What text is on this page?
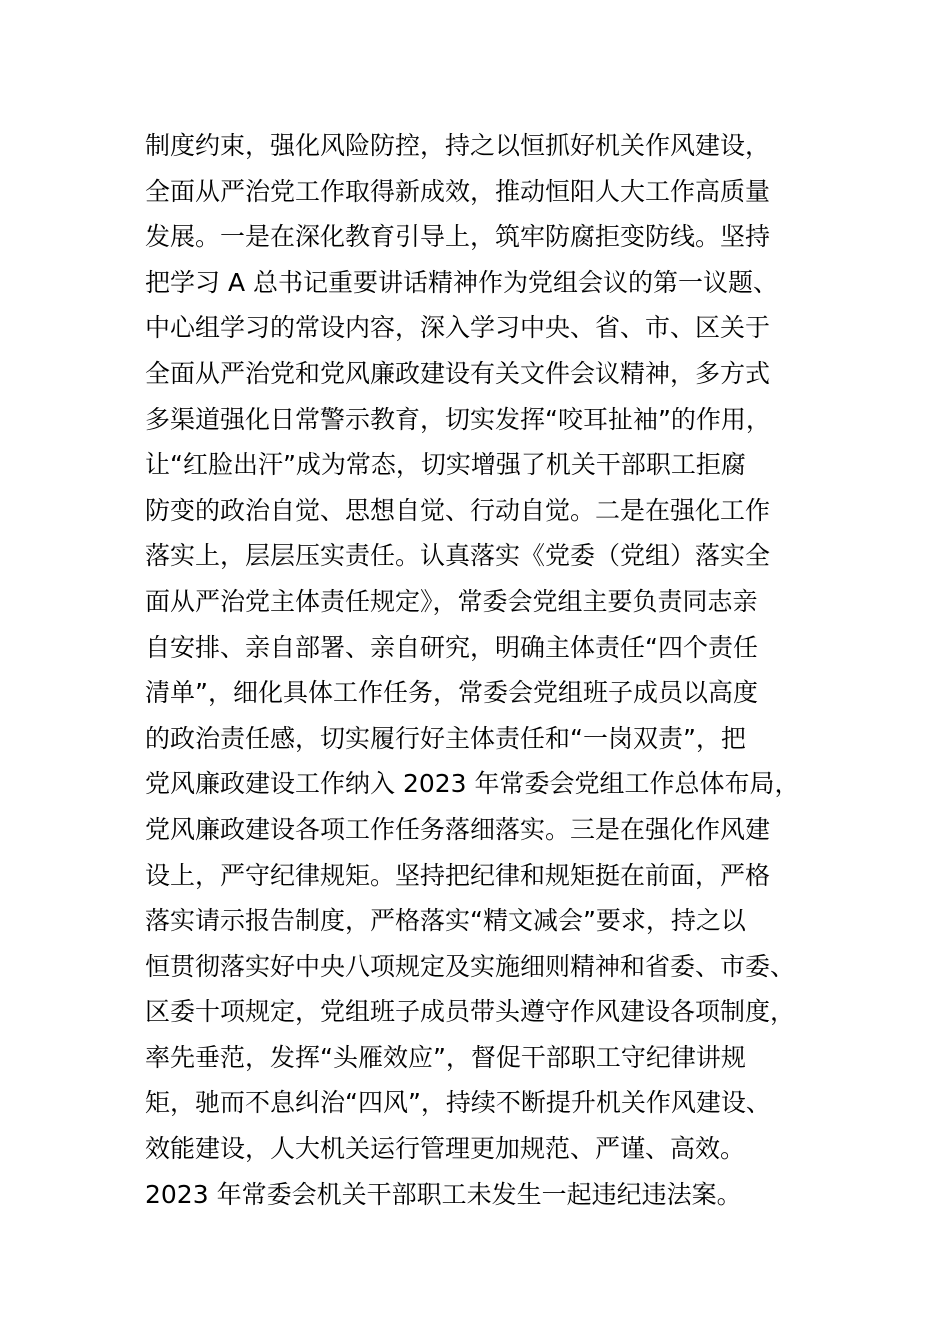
制度约束，强化风险防控，持之以恒抓好机关作风建设，
全面从严治党工作取得新成效，推动恒阳人大工作高质量
发展。一是在深化教育引导上，筑牢防腐拒变防线。坚持
把学习 A 总书记重要讲话精神作为党组会议的第一议题、
中心组学习的常设内容，深入学习中央、省、市、区关于
全面从严治党和党风廉政建设有关文件会议精神，多方式
多渠道强化日常警示教育，切实发挥“咬耳扯袖”的作用，
让“红脸出汗”成为常态，切实增强了机关干部职工拒腐
防变的政治自觉、思想自觉、行动自觉。二是在强化工作
落实上，层层压实责任。认真落实《党委（党组）落实全
面从严治党主体责任规定》，常委会党组主要负责同志亲
自安排、亲自部署、亲自研究，明确主体责任“四个责任
清单”，细化具体工作任务，常委会党组班子成员以高度
的政治责任感，切实履行好主体责任和“一岗双责”，把
党风廉政建设工作纳入 2023 年常委会党组工作总体布局，
党风廉政建设各项工作任务落细落实。三是在强化作风建
设上，严守纪律规矩。坚持把纪律和规矩挺在前面，严格
落实请示报告制度，严格落实“精文减会”要求，持之以
恒贯彻落实好中央八项规定及实施细则精神和省委、市委、
区委十项规定，党组班子成员带头遵守作风建设各项制度，
率先垂范，发挥“头雁效应”，督促干部职工守纪律讲规
矩，驰而不息纠治“四风”，持续不断提升机关作风建设、
效能建设，人大机关运行管理更加规范、严谨、高效。
2023 年常委会机关干部职工未发生一起违纪违法案。
